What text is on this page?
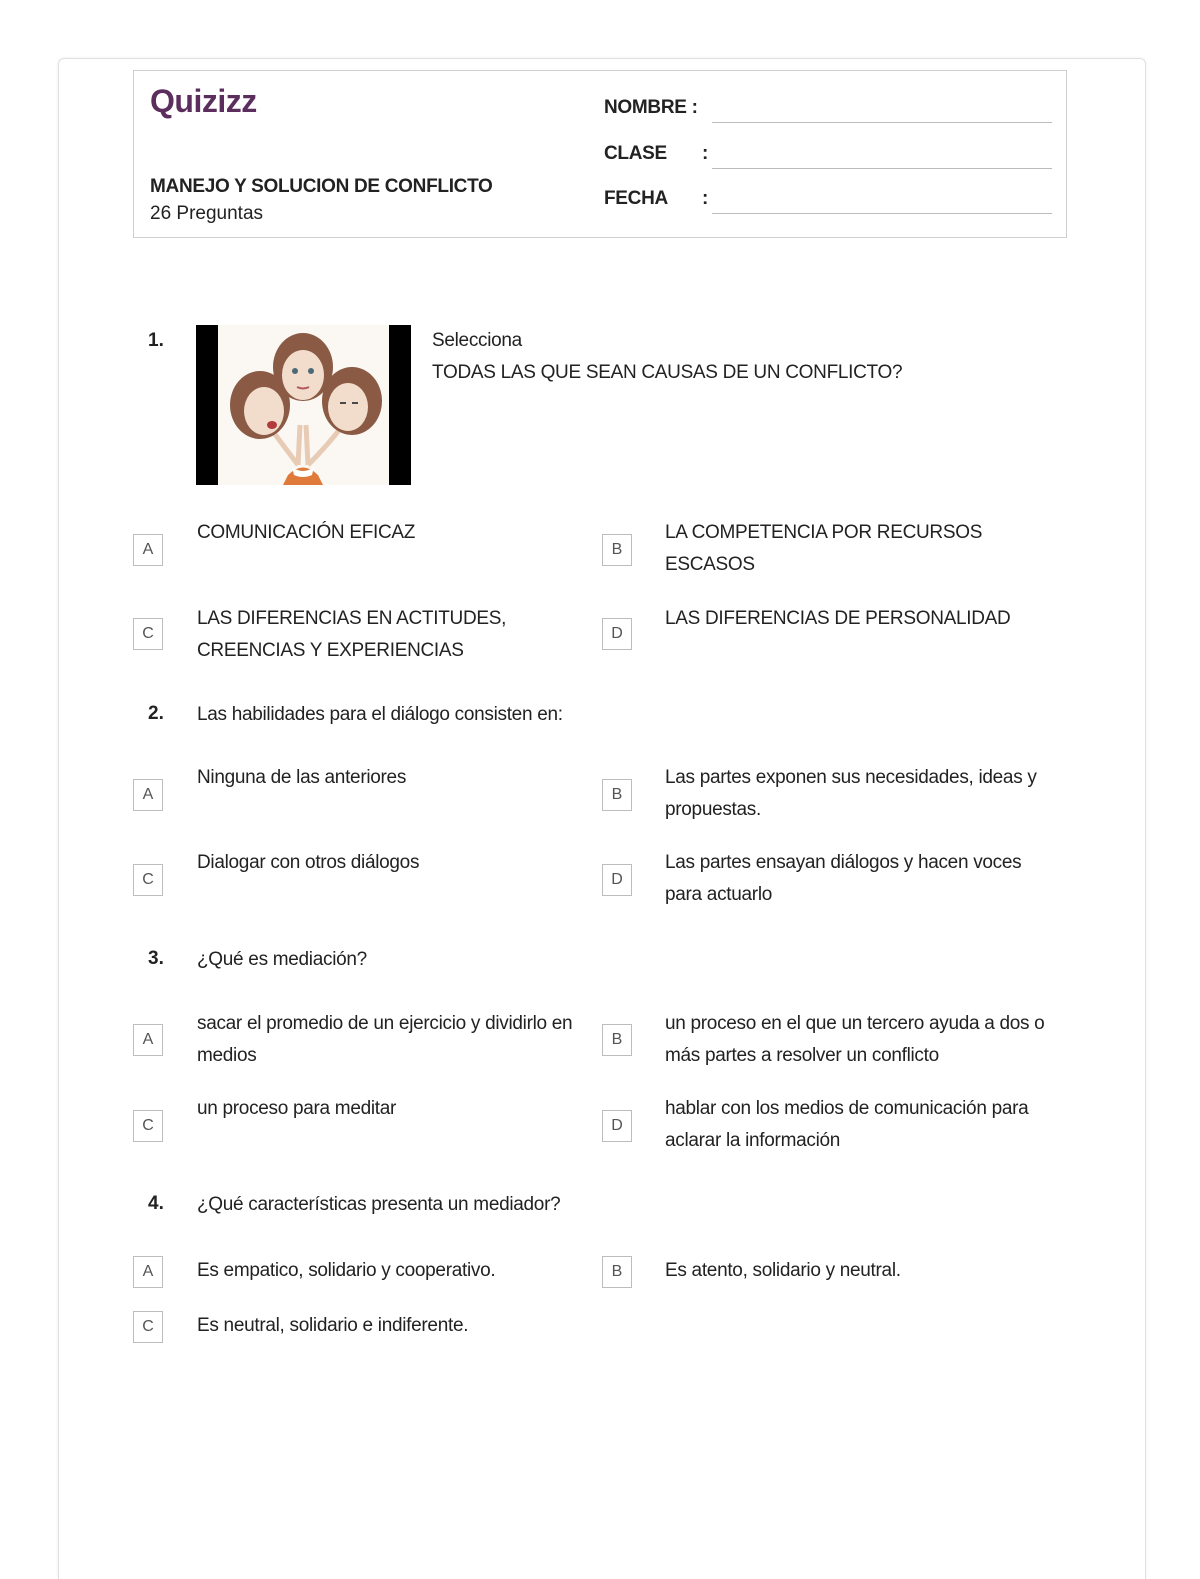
Quizizz
MANEJO Y SOLUCION DE CONFLICTO
26 Preguntas
NOMBRE :
CLASE :
FECHA :
1.	Selecciona
TODAS LAS QUE SEAN CAUSAS DE UN CONFLICTO?
A
COMUNICACIÓN EFICAZ
B
LA COMPETENCIA POR RECURSOS ESCASOS
C
LAS DIFERENCIAS EN ACTITUDES, CREENCIAS Y EXPERIENCIAS
D
LAS DIFERENCIAS DE PERSONALIDAD
2.	Las habilidades para el diálogo consisten en:
A
Ninguna de las anteriores
B
Las partes exponen sus necesidades, ideas y propuestas.
C
Dialogar con otros diálogos
D
Las partes ensayan diálogos y hacen voces para actuarlo
3.	¿Qué es mediación?
A
sacar el promedio de un ejercicio y dividirlo en medios
B
un proceso en el que un tercero ayuda a dos o más partes a resolver un conflicto
C
un proceso para meditar
D
hablar con los medios de comunicación para aclarar la información
4.	¿Qué características presenta un mediador?
A	Es empatico, solidario y cooperativo.	B	Es atento, solidario y neutral.
C	Es neutral, solidario e indiferente.
